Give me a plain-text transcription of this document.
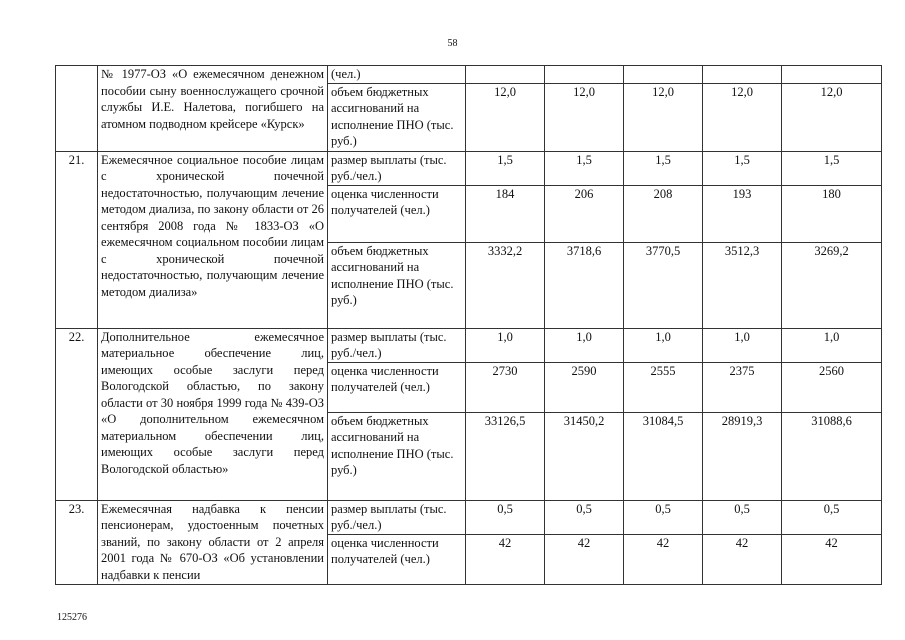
58
	№ 1977-ОЗ «О ежемесячном денежном пособии сыну военнослужащего срочной службы И.Е. Налетова, погибшего на атомном подводном крейсере «Курск»	(чел.)					
		объем бюджетных ассигнований на исполнение ПНО (тыс. руб.)	12,0	12,0	12,0	12,0	12,0
21.	Ежемесячное социальное пособие лицам с хронической почечной недостаточностью, получающим лечение методом диализа, по закону области от 26 сентября 2008 года № 1833-ОЗ «О ежемесячном социальном пособии лицам с хронической почечной недостаточностью, получающим лечение методом диализа»	размер выплаты (тыс. руб./чел.)	1,5	1,5	1,5	1,5	1,5
		оценка численности получателей (чел.)	184	206	208	193	180
		объем бюджетных ассигнований на исполнение ПНО (тыс. руб.)	3332,2	3718,6	3770,5	3512,3	3269,2
22.	Дополнительное ежемесячное материальное обеспечение лиц, имеющих особые заслуги перед Вологодской областью, по закону области от 30 ноября 1999 года № 439-ОЗ «О дополнительном ежемесячном материальном обеспечении лиц, имеющих особые заслуги перед Вологодской областью»	размер выплаты (тыс. руб./чел.)	1,0	1,0	1,0	1,0	1,0
		оценка численности получателей (чел.)	2730	2590	2555	2375	2560
		объем бюджетных ассигнований на исполнение ПНО (тыс. руб.)	33126,5	31450,2	31084,5	28919,3	31088,6
23.	Ежемесячная надбавка к пенсии пенсионерам, удостоенным почетных званий, по закону области от 2 апреля 2001 года № 670-ОЗ «Об установлении надбавки к пенсии	размер выплаты (тыс. руб./чел.)	0,5	0,5	0,5	0,5	0,5
		оценка численности получателей (чел.)	42	42	42	42	42
125276
